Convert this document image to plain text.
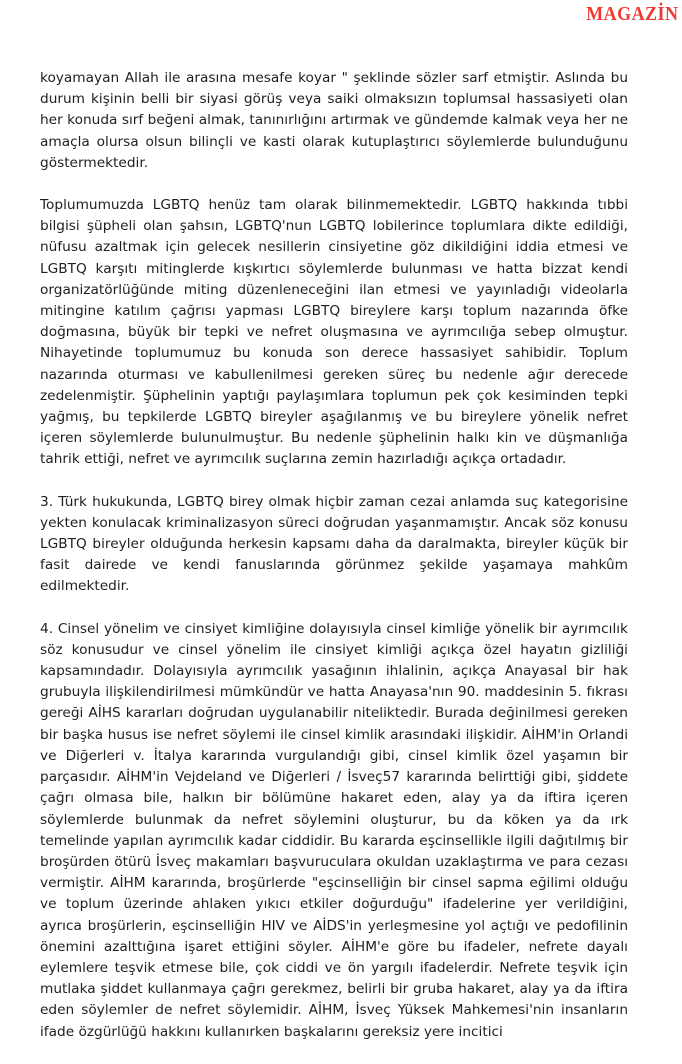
MAGAZİN

koyamayan Allah ile arasına mesafe koyar " şeklinde sözler sarf etmiştir. Aslında bu durum kişinin belli bir siyasi görüş veya saiki olmaksızın toplumsal hassasiyeti olan her konuda sırf beğeni almak, tanınırlığını artırmak ve gündemde kalmak veya her ne amaçla olursa olsun bilinçli ve kasti olarak kutuplaştırıcı söylemlerde bulunduğunu göstermektedir.

Toplumumuzda LGBTQ henüz tam olarak bilinmemektedir. LGBTQ hakkında tıbbi bilgisi şüpheli olan şahsın, LGBTQ'nun LGBTQ lobilerince toplumlara dikte edildiği, nüfusu azaltmak için gelecek nesillerin cinsiyetine göz dikildiğini iddia etmesi ve LGBTQ karşıtı mitinglerde kışkırtıcı söylemlerde bulunması ve hatta bizzat kendi organizatörlüğünde miting düzenleneceğini ilan etmesi ve yayınladığı videolarla mitingine katılım çağrısı yapması LGBTQ bireylere karşı toplum nazarında öfke doğmasına, büyük bir tepki ve nefret oluşmasına ve ayrımcılığa sebep olmuştur. Nihayetinde toplumumuz bu konuda son derece hassasiyet sahibidir. Toplum nazarında oturması ve kabullenilmesi gereken süreç bu nedenle ağır derecede zedelenmiştir. Şüphelinin yaptığı paylaşımlara toplumun pek çok kesiminden tepki yağmış, bu tepkilerde LGBTQ bireyler aşağılanmış ve bu bireylere yönelik nefret içeren söylemlerde bulunulmuştur. Bu nedenle şüphelinin halkı kin ve düşmanlığa tahrik ettiği, nefret ve ayrımcılık suçlarına zemin hazırladığı açıkça ortadadır.

3. Türk hukukunda, LGBTQ birey olmak hiçbir zaman cezai anlamda suç kategorisine yekten konulacak kriminalizasyon süreci doğrudan yaşanmamıştır. Ancak söz konusu LGBTQ bireyler olduğunda herkesin kapsamı daha da daralmakta, bireyler küçük bir fasit dairede ve kendi fanuslarında görünmez şekilde yaşamaya mahkûm edilmektedir.

4. Cinsel yönelim ve cinsiyet kimliğine dolayısıyla cinsel kimliğe yönelik bir ayrımcılık söz konusudur ve cinsel yönelim ile cinsiyet kimliği açıkça özel hayatın gizliliği kapsamındadır. Dolayısıyla ayrımcılık yasağının ihlalinin, açıkça Anayasal bir hak grubuyla ilişkilendirilmesi mümkündür ve hatta Anayasa'nın 90. maddesinin 5. fıkrası gereği AİHS kararları doğrudan uygulanabilir niteliktedir. Burada değinilmesi gereken bir başka husus ise nefret söylemi ile cinsel kimlik arasındaki ilişkidir. AİHM'in Orlandi ve Diğerleri v. İtalya kararında vurgulandığı gibi, cinsel kimlik özel yaşamın bir parçasıdır. AİHM'in Vejdeland ve Diğerleri / İsveç57 kararında belirttiği gibi, şiddete çağrı olmasa bile, halkın bir bölümüne hakaret eden, alay ya da iftira içeren söylemlerde bulunmak da nefret söylemini oluşturur, bu da köken ya da ırk temelinde yapılan ayrımcılık kadar ciddidir. Bu kararda eşcinsellikle ilgili dağıtılmış bir broşürden ötürü İsveç makamları başvuruculara okuldan uzaklaştırma ve para cezası vermiştir. AİHM kararında, broşürlerde "eşcinselliğin bir cinsel sapma eğilimi olduğu ve toplum üzerinde ahlaken yıkıcı etkiler doğurduğu" ifadelerine yer verildiğini, ayrıca broşürlerin, eşcinselliğin HIV ve AİDS'in yerleşmesine yol açtığı ve pedofilinin önemini azalttığına işaret ettiğini söyler. AİHM'e göre bu ifadeler, nefrete dayalı eylemlere teşvik etmese bile, çok ciddi ve ön yargılı ifadelerdir. Nefrete teşvik için mutlaka şiddet kullanmaya çağrı gerekmez, belirli bir gruba hakaret, alay ya da iftira eden söylemler de nefret söylemidir. AİHM, İsveç Yüksek Mahkemesi'nin insanların ifade özgürlüğü hakkını kullanırken başkalarını gereksiz yere incitici
